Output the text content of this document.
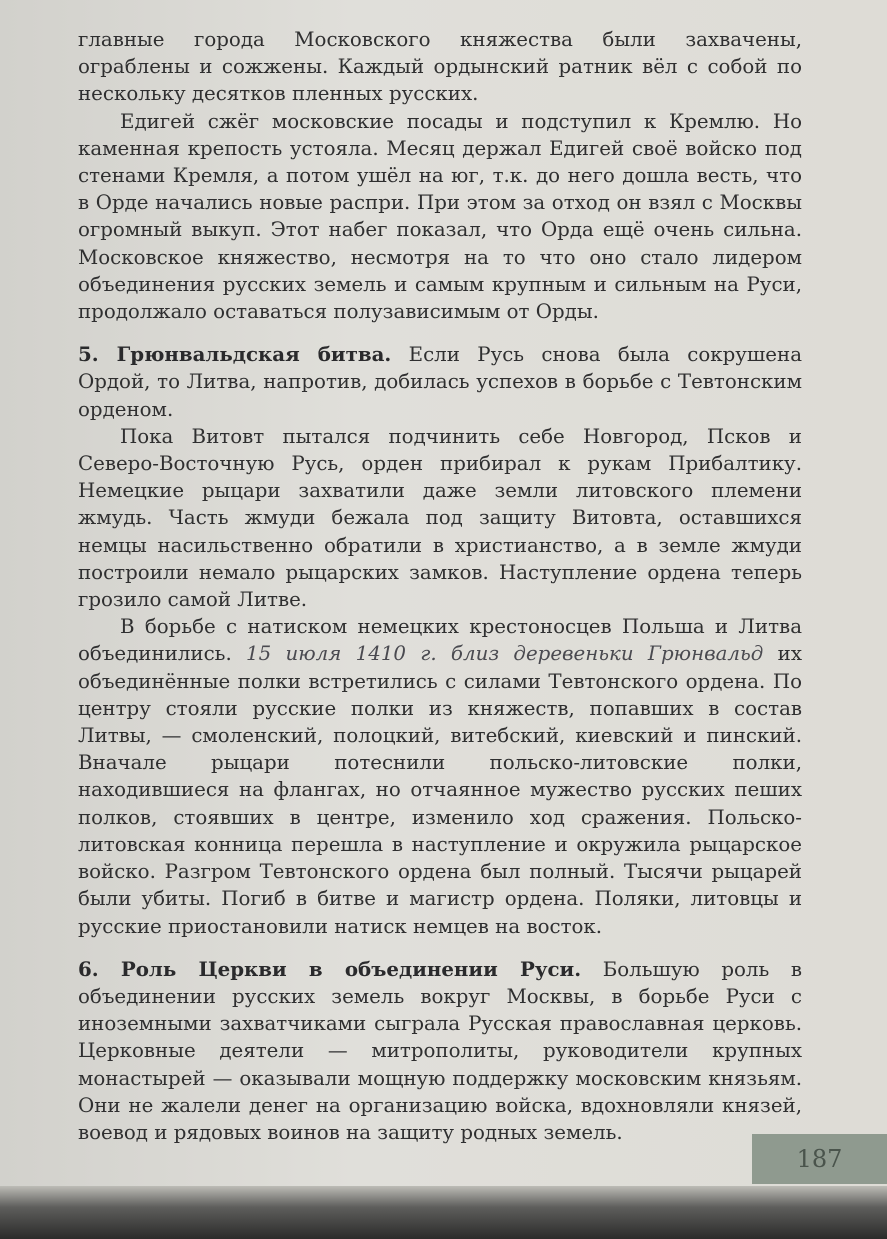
главные города Московского княжества были захвачены, ограблены и сожжены. Каждый ордынский ратник вёл с собой по нескольку десятков пленных русских.

Едигей сжёг московские посады и подступил к Кремлю. Но каменная крепость устояла. Месяц держал Едигей своё войско под стенами Кремля, а потом ушёл на юг, т.к. до него дошла весть, что в Орде начались новые распри. При этом за отход он взял с Москвы огромный выкуп. Этот набег показал, что Орда ещё очень сильна. Московское княжество, несмотря на то что оно стало лидером объединения русских земель и самым крупным и сильным на Руси, продолжало оставаться полузависимым от Орды.

5. Грюнвальдская битва. Если Русь снова была сокрушена Ордой, то Литва, напротив, добилась успехов в борьбе с Тевтонским орденом.

Пока Витовт пытался подчинить себе Новгород, Псков и Северо-Восточную Русь, орден прибирал к рукам Прибалтику. Немецкие рыцари захватили даже земли литовского племени жмудь. Часть жмуди бежала под защиту Витовта, оставшихся немцы насильственно обратили в христианство, а в земле жмуди построили немало рыцарских замков. Наступление ордена теперь грозило самой Литве.

В борьбе с натиском немецких крестоносцев Польша и Литва объединились. 15 июля 1410 г. близ деревеньки Грюнвальд их объединённые полки встретились с силами Тевтонского ордена. По центру стояли русские полки из княжеств, попавших в состав Литвы, — смоленский, полоцкий, витебский, киевский и пинский. Вначале рыцари потеснили польско-литовские полки, находившиеся на флангах, но отчаянное мужество русских пеших полков, стоявших в центре, изменило ход сражения. Польско-литовская конница перешла в наступление и окружила рыцарское войско. Разгром Тевтонского ордена был полный. Тысячи рыцарей были убиты. Погиб в битве и магистр ордена. Поляки, литовцы и русские приостановили натиск немцев на восток.

6. Роль Церкви в объединении Руси. Большую роль в объединении русских земель вокруг Москвы, в борьбе Руси с иноземными захватчиками сыграла Русская православная церковь. Церковные деятели — митрополиты, руководители крупных монастырей — оказывали мощную поддержку московским князьям. Они не жалели денег на организацию войска, вдохновляли князей, воевод и рядовых воинов на защиту родных земель.

187
